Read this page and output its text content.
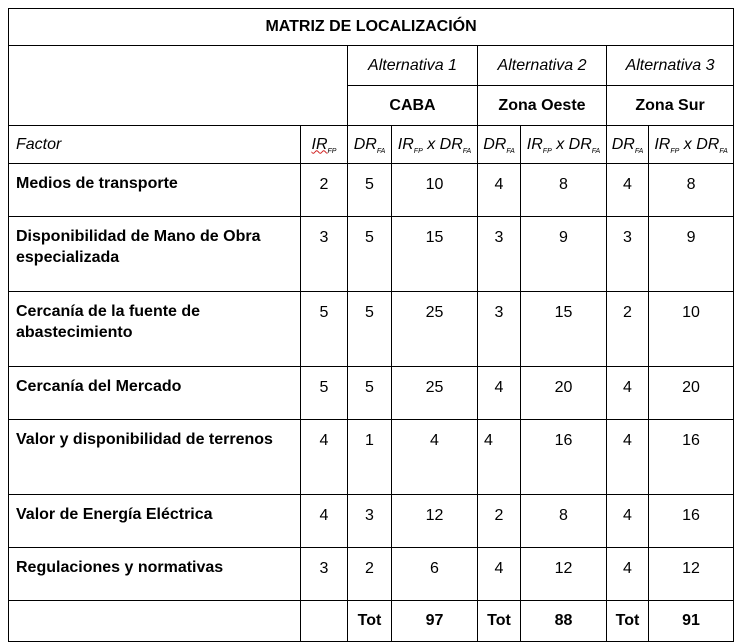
MATRIZ DE LOCALIZACIÓN							
		Alternativa 1		Alternativa 2		Alternativa 3	
		CABA		Zona Oeste		Zona Sur	
Factor	$IR_{FP}$	$DR_{FA}$	$IR_{FP}$ x $DR_{FA}$	$DR_{FA}$	$IR_{FP}$ x $DR_{FA}$	$DR_{FA}$	$IR_{FP}$ x $DR_{FA}$
Medios de transporte	2	5	10	4	8	4	8
Disponibilidad de Mano de Obra especializada	3	5	15	3	9	3	9
Cercanía de la fuente de abastecimiento	5	5	25	3	15	2	10
Cercanía del Mercado	5	5	25	4	20	4	20
Valor y disponibilidad de terrenos	4	1	4	4	16	4	16
Valor de Energía Eléctrica	4	3	12	2	8	4	16
Regulaciones y normativas	3	2	6	4	12	4	12
		Tot	97	Tot	88	Tot	91
